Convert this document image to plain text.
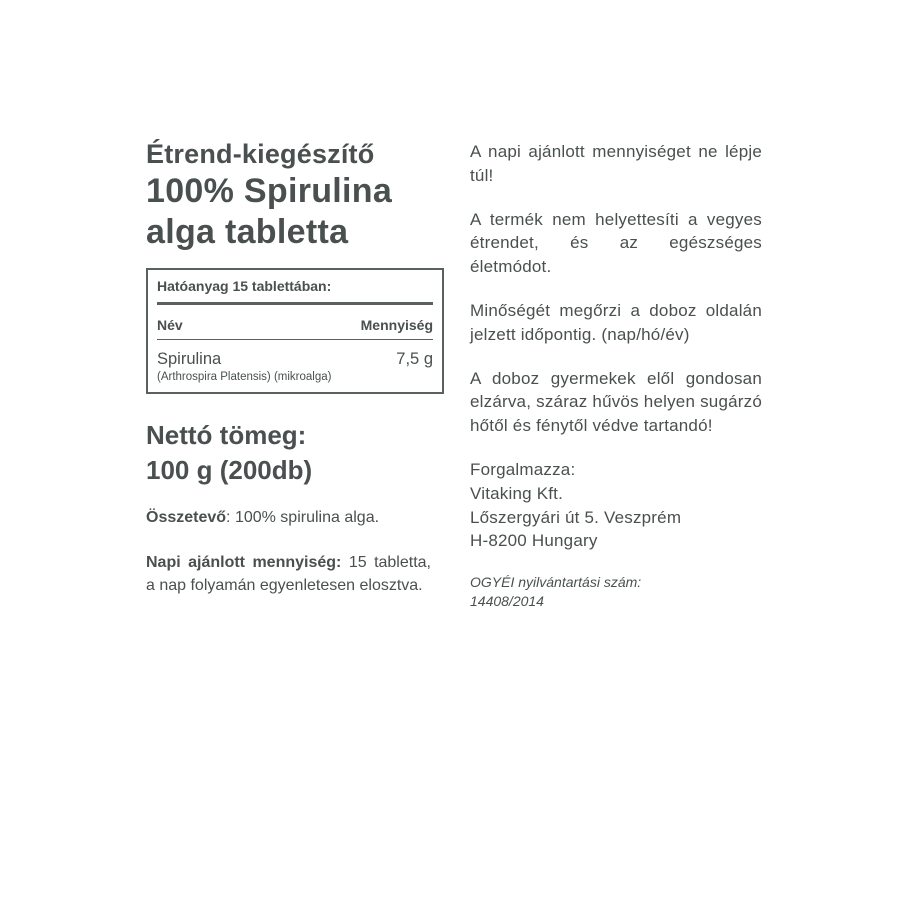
Étrend-kiegészítő
100% Spirulina
alga tabletta
Hatóanyag 15 tablettában:
Név	Mennyiség
Spirulina	7,5 g
(Arthrospira Platensis) (mikroalga)
Nettó tömeg:
100 g (200db)

Összetevő: 100% spirulina alga.

Napi ajánlott mennyiség: 15 tabletta, a nap folyamán egyenletesen elosztva.

A napi ajánlott mennyiséget ne lépje túl!

A termék nem helyettesíti a vegyes étrendet, és az egészséges életmódot.

Minőségét megőrzi a doboz oldalán jelzett időpontig. (nap/hó/év)

A doboz gyermekek elől gondosan elzárva, száraz hűvös helyen sugárzó hőtől és fénytől védve tartandó!

Forgalmazza:
Vitaking Kft.
Lőszergyári út 5. Veszprém
H-8200 Hungary

OGYÉI nyilvántartási szám:
14408/2014
